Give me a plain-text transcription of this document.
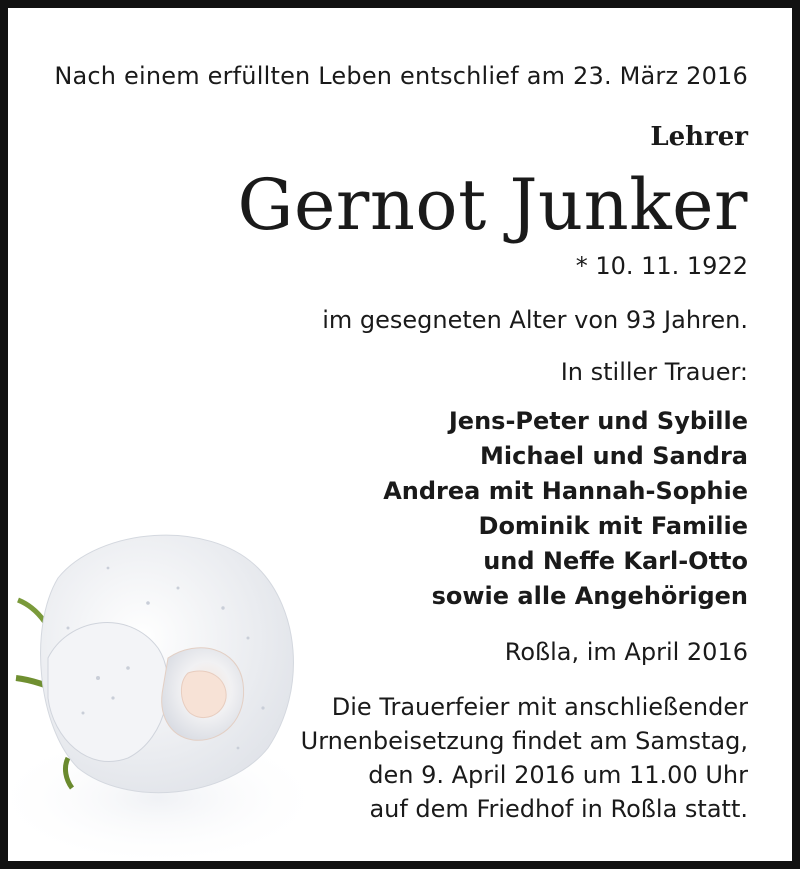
Nach einem erfüllten Leben entschlief am 23. März 2016
Lehrer
Gernot Junker
* 10. 11. 1922
im gesegneten Alter von 93 Jahren.
In stiller Trauer:
Jens-Peter und Sybille
Michael und Sandra
Andrea mit Hannah-Sophie
Dominik mit Familie
und Neffe Karl-Otto
sowie alle Angehörigen
Roßla, im April 2016
Die Trauerfeier mit anschließender
Urnenbeisetzung findet am Samstag,
den 9. April 2016 um 11.00 Uhr
auf dem Friedhof in Roßla statt.
